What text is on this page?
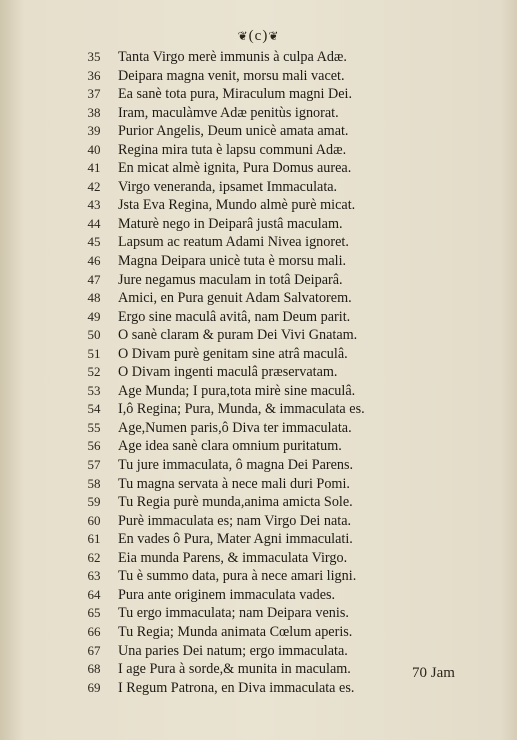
❦(c)❦
35	Tanta Virgo merè immunis à culpa Adæ.
36	Deipara magna venit, morsu mali vacet.
37	Ea sanè tota pura, Miraculum magni Dei.
38	Iram, maculàmve Adæ penitùs ignorat.
39	Purior Angelis, Deum unicè amata amat.
40	Regina mira tuta è lapsu communi Adæ.
41	En micat almè ignita, Pura Domus aurea.
42	Virgo veneranda, ipsamet Immaculata.
43	Jsta Eva Regina, Mundo almè purè micat.
44	Maturè nego in Deiparâ justâ maculam.
45	Lapsum ac reatum Adami Nivea ignoret.
46	Magna Deipara unicè tuta è morsu mali.
47	Jure negamus maculam in totâ Deiparâ.
48	Amici, en Pura genuit Adam Salvatorem.
49	Ergo sine maculâ avitâ, nam Deum parit.
50	O sanè claram & puram Dei Vivi Gnatam.
51	O Divam purè genitam sine atrâ maculâ.
52	O Divam ingenti maculâ præservatam.
53	Age Munda; I pura,tota mirè sine maculâ.
54	I,ô Regina; Pura, Munda, & immaculata es.
55	Age,Numen paris,ô Diva ter immaculata.
56	Age idea sanè clara omnium puritatum.
57	Tu jure immaculata, ô magna Dei Parens.
58	Tu magna servata à nece mali duri Pomi.
59	Tu Regia purè munda,anima amicta Sole.
60	Purè immaculata es; nam Virgo Dei nata.
61	En vades ô Pura, Mater Agni immaculati.
62	Eia munda Parens, & immaculata Virgo.
63	Tu è summo data, pura à nece amari ligni.
64	Pura ante originem immaculata vades.
65	Tu ergo immaculata; nam Deipara venis.
66	Tu Regia; Munda animata Cœlum aperis.
67	Una paries Dei natum; ergo immaculata.
68	I age Pura à sorde,& munita in maculam.
69	I Regum Patrona, en Diva immaculata es.
70 Jam
